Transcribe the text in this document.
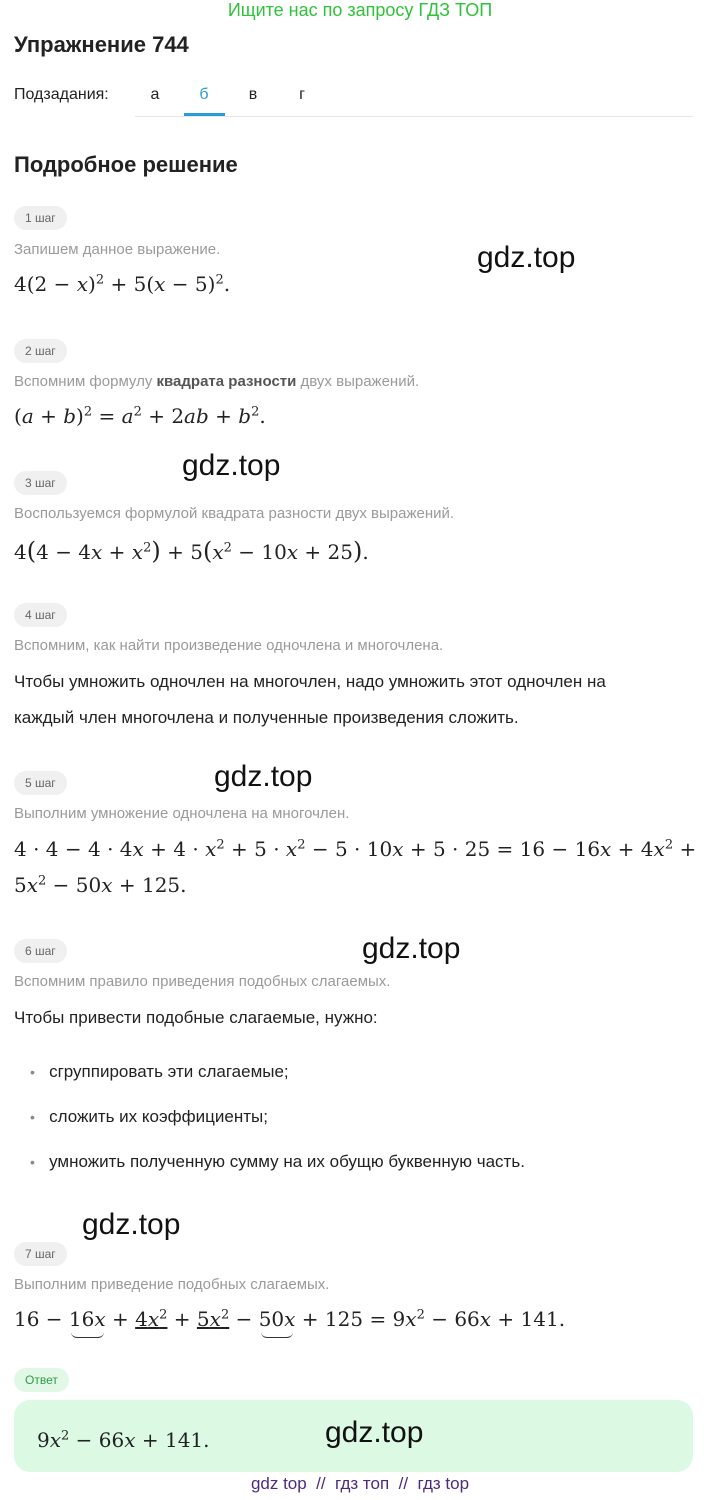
Ищите нас по запросу ГДЗ ТОП
Упражнение 744
Подзадания:	а	б	в	г
Подробное решение
1 шаг
Запишем данное выражение.
$4(2 - x)^2 + 5(x - 5)^2$.
gdz.top
2 шаг
Вспомним формулу квадрата разности двух выражений.
$(a + b)^2 = a^2 + 2ab + b^2$.
gdz.top
3 шаг
Воспользуемся формулой квадрата разности двух выражений.
$4(4 - 4x + x^2) + 5(x^2 - 10x + 25)$.
4 шаг
Вспомним, как найти произведение одночлена и многочлена.
Чтобы умножить одночлен на многочлен, надо умножить этот одночлен на
каждый член многочлена и полученные произведения сложить.
gdz.top
5 шаг
Выполним умножение одночлена на многочлен.
$4 \cdot 4 - 4 \cdot 4x + 4 \cdot x^2 + 5 \cdot x^2 - 5 \cdot 10x + 5 \cdot 25 = 16 - 16x + 4x^2$ +
$5x^2 - 50x + 125$.
gdz.top
6 шаг
Вспомним правило приведения подобных слагаемых.
Чтобы привести подобные слагаемые, нужно:
• сгруппировать эти слагаемые;
• сложить их коэффициенты;
• умножить полученную сумму на их обущю буквенную часть.
gdz.top
7 шаг
Выполним приведение подобных слагаемых.
$16 - 16x + 4x^2 + 5x^2 - 50x + 125 = 9x^2 - 66x + 141$.
Ответ
$9x^2 - 66x + 141$.	gdz.top
gdz top  //  гдз топ  //  гдз top
